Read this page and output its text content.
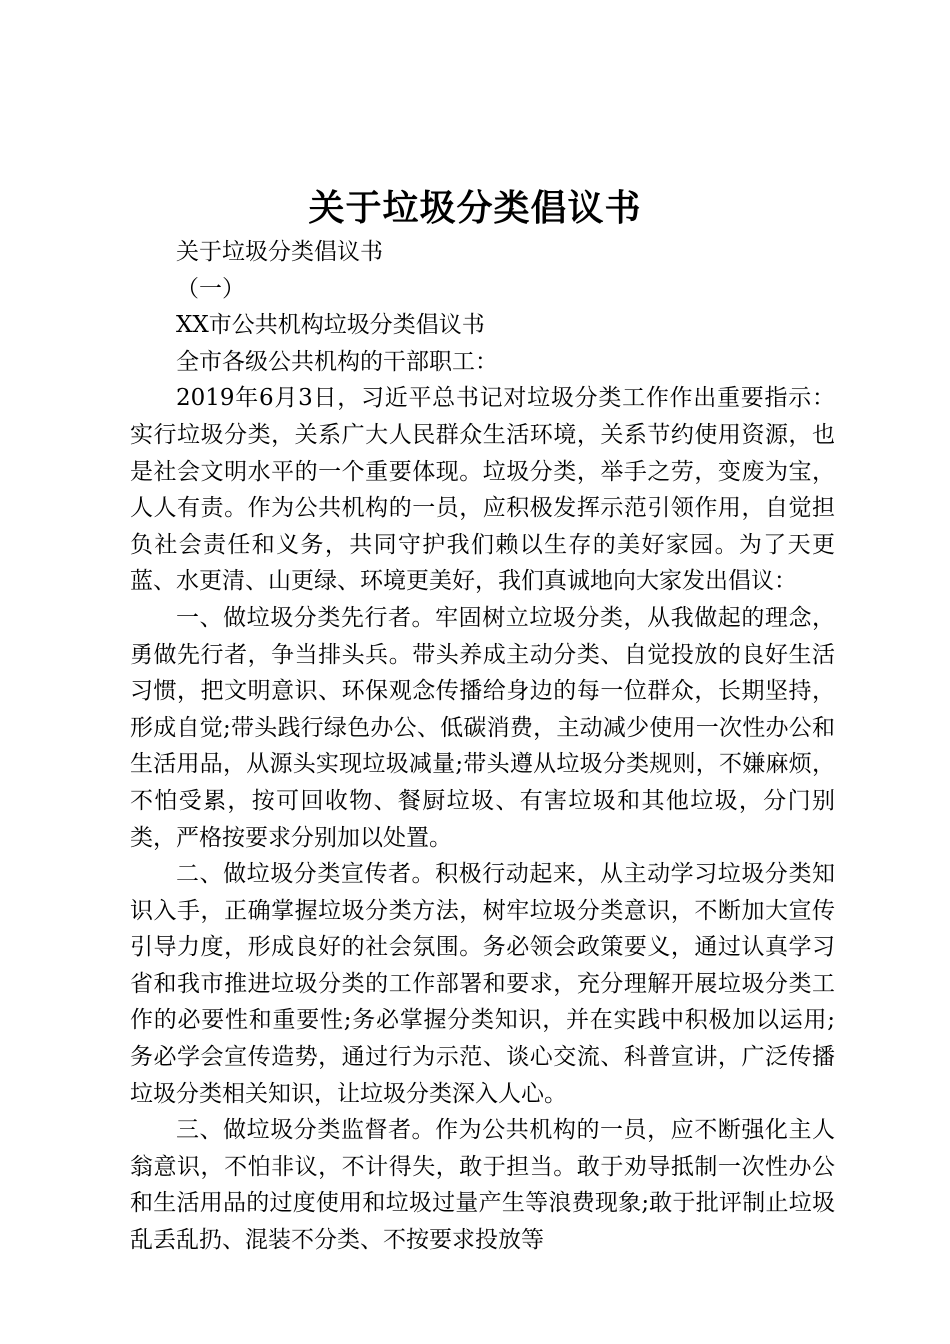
关于垃圾分类倡议书

关于垃圾分类倡议书

（一）

XX市公共机构垃圾分类倡议书

全市各级公共机构的干部职工：

2019年6月3日，习近平总书记对垃圾分类工作作出重要指示：实行垃圾分类，关系广大人民群众生活环境，关系节约使用资源，也是社会文明水平的一个重要体现。垃圾分类，举手之劳，变废为宝，人人有责。作为公共机构的一员，应积极发挥示范引领作用，自觉担负社会责任和义务，共同守护我们赖以生存的美好家园。为了天更蓝、水更清、山更绿、环境更美好，我们真诚地向大家发出倡议：

一、做垃圾分类先行者。牢固树立垃圾分类，从我做起的理念，勇做先行者，争当排头兵。带头养成主动分类、自觉投放的良好生活习惯，把文明意识、环保观念传播给身边的每一位群众，长期坚持，形成自觉;带头践行绿色办公、低碳消费，主动减少使用一次性办公和生活用品，从源头实现垃圾减量;带头遵从垃圾分类规则，不嫌麻烦，不怕受累，按可回收物、餐厨垃圾、有害垃圾和其他垃圾，分门别类，严格按要求分别加以处置。

二、做垃圾分类宣传者。积极行动起来，从主动学习垃圾分类知识入手，正确掌握垃圾分类方法，树牢垃圾分类意识，不断加大宣传引导力度，形成良好的社会氛围。务必领会政策要义，通过认真学习省和我市推进垃圾分类的工作部署和要求，充分理解开展垃圾分类工作的必要性和重要性;务必掌握分类知识，并在实践中积极加以运用;务必学会宣传造势，通过行为示范、谈心交流、科普宣讲，广泛传播垃圾分类相关知识，让垃圾分类深入人心。

三、做垃圾分类监督者。作为公共机构的一员，应不断强化主人翁意识，不怕非议，不计得失，敢于担当。敢于劝导抵制一次性办公和生活用品的过度使用和垃圾过量产生等浪费现象;敢于批评制止垃圾乱丢乱扔、混装不分类、不按要求投放等
